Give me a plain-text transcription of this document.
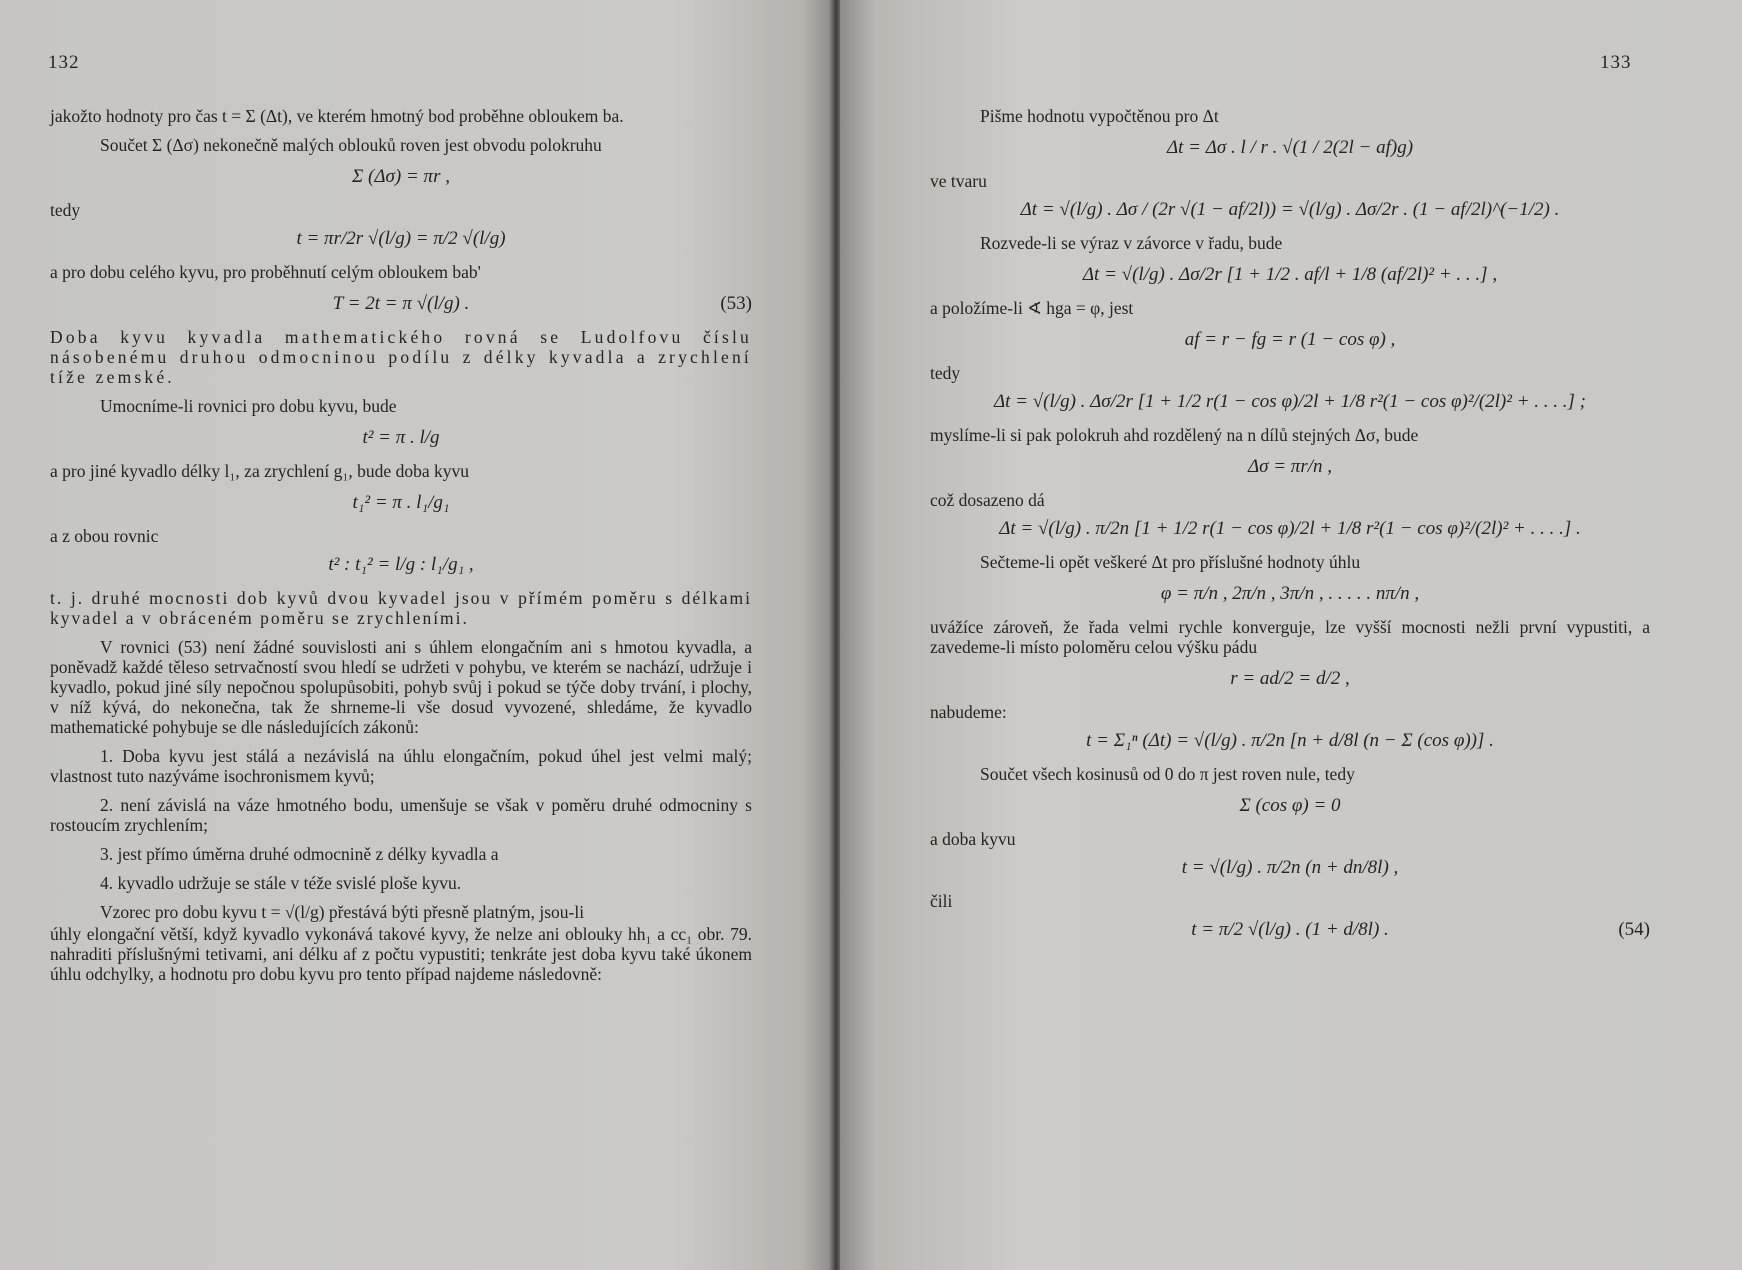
132

jakožto hodnoty pro čas t = Σ (Δt), ve kterém hmotný bod proběhne obloukem ba.

Součet Σ (Δσ) nekonečně malých oblouků roven jest obvodu polokruhu

Σ (Δσ) = πr ,
tedy
t = πr/2r √(l/g) = π/2 √(l/g)

a pro dobu celého kyvu, pro proběhnutí celým obloukem bab'

T = 2t = π √(l/g) .	(53)

Doba kyvu kyvadla mathematického rovná se Ludolfovu číslu násobenému druhou odmocninou podílu z délky kyvadla a zrychlení tíže zemské.

Umocníme-li rovnici pro dobu kyvu, bude

t² = π . l/g

a pro jiné kyvadlo délky l₁, za zrychlení g₁, bude doba kyvu

t₁² = π . l₁/g₁
a z obou rovnic
t² : t₁² = l/g : l₁/g₁ ,

t. j. druhé mocnosti dob kyvů dvou kyvadel jsou v přímém poměru s délkami kyvadel a v obráceném poměru se zrychleními.

V rovnici (53) není žádné souvislosti ani s úhlem elongačním ani s hmotou kyvadla, a poněvadž každé těleso setrvačností svou hledí se udržeti v pohybu, ve kterém se nachází, udržuje i kyvadlo, pokud jiné síly nepočnou spolupůsobiti, pohyb svůj i pokud se týče doby trvání, i plochy, v níž kývá, do nekonečna, tak že shrneme-li vše dosud vyvozené, shledáme, že kyvadlo mathematické pohybuje se dle následujících zákonů:

1. Doba kyvu jest stálá a nezávislá na úhlu elongačním, pokud úhel jest velmi malý; vlastnost tuto nazýváme isochronismem kyvů;

2. není závislá na váze hmotného bodu, umenšuje se však v poměru druhé odmocniny s rostoucím zrychlením;

3. jest přímo úměrna druhé odmocnině z délky kyvadla a

4. kyvadlo udržuje se stále v téže svislé ploše kyvu.

Vzorec pro dobu kyvu t = √(l/g) přestává býti přesně platným, jsou-li

úhly elongační větší, když kyvadlo vykonává takové kyvy, že nelze ani oblouky hh₁ a cc₁ obr. 79. nahraditi příslušnými tetivami, ani délku af z počtu vypustiti; tenkráte jest doba kyvu také úkonem úhlu odchylky, a hodnotu pro dobu kyvu pro tento případ najdeme následovně:

133

Pišme hodnotu vypočtěnou pro Δt

Δt = Δσ . l / r . √(1 / 2(2l − af)g)
ve tvaru
Δt = √(l/g) . Δσ / (2r √(1 − af/2l)) = √(l/g) . Δσ/2r . (1 − af/2l)^(−1/2) .

Rozvede-li se výraz v závorce v řadu, bude

Δt = √(l/g) . Δσ/2r [1 + 1/2 . af/l + 1/8 (af/2l)² + . . .] ,

a položíme-li ∢ hga = φ, jest

af = r − fg = r (1 − cos φ) ,
tedy
Δt = √(l/g) . Δσ/2r [1 + 1/2 r(1 − cos φ)/2l + 1/8 r²(1 − cos φ)²/(2l)² + . . . .] ;

myslíme-li si pak polokruh ahd rozdělený na n dílů stejných Δσ, bude

Δσ = πr/n ,
což dosazeno dá
Δt = √(l/g) . π/2n [1 + 1/2 r(1 − cos φ)/2l + 1/8 r²(1 − cos φ)²/(2l)² + . . . .] .

Sečteme-li opět veškeré Δt pro příslušné hodnoty úhlu

φ = π/n , 2π/n , 3π/n , . . . . . nπ/n ,

uvážíce zároveň, že řada velmi rychle konverguje, lze vyšší mocnosti nežli první vypustiti, a zavedeme-li místo poloměru celou výšku pádu

r = ad/2 = d/2 ,
nabudeme:
t = Σ₁ⁿ (Δt) = √(l/g) . π/2n [n + d/8l (n − Σ (cos φ))] .

Součet všech kosinusů od 0 do π jest roven nule, tedy

Σ (cos φ) = 0
a doba kyvu
t = √(l/g) . π/2n (n + dn/8l) ,
čili
t = π/2 √(l/g) . (1 + d/8l) .	(54)
